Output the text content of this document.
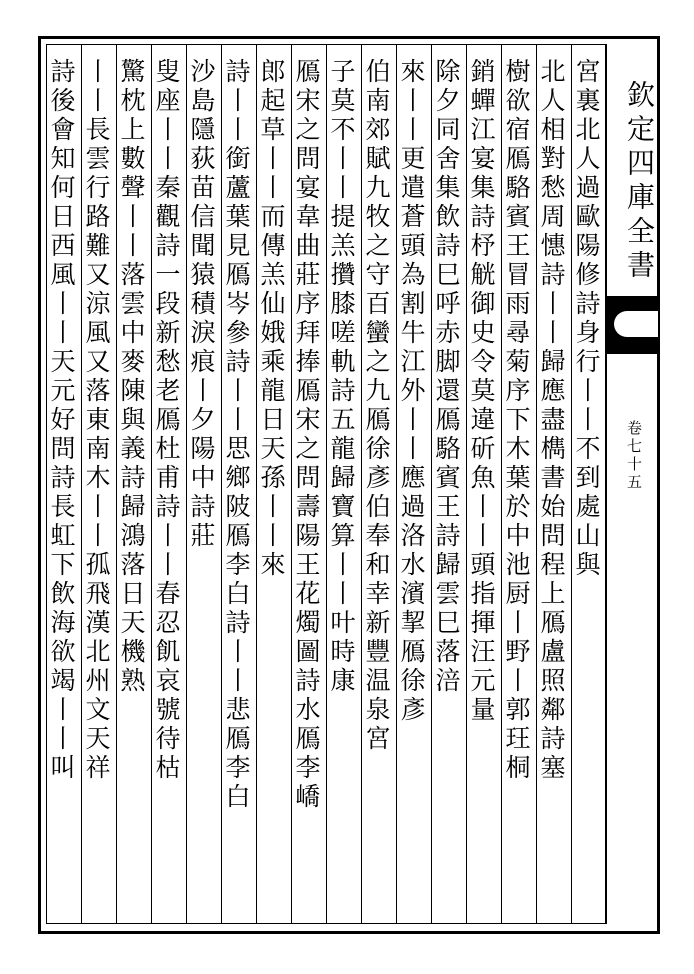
欽定四庫全書
卷七十五
宮裏北人過歐陽修詩身行丨丨不到處山與
北人相對愁周憓詩丨丨歸應盡檇書始問程上鴈盧照鄰詩塞
樹欲宿鴈駱賓王冒雨尋菊序下木葉於中池厨丨野丨郭玨桐
銷蟬江宴集詩杼觥御史令莫違斫魚丨丨頭指揮汪元量
除夕同舍集飲詩巳呼赤脚還鴈駱賓王詩歸雲巳落涪
來丨丨更遣蒼頭為割牛江外丨丨應過洛水濱挈鴈徐彥
伯南郊賦九牧之守百蠻之九鴈徐彥伯奉和幸新豐温泉宮
子莫不丨丨提羔攢膝嗟軌詩五龍歸寶算丨丨叶時康
鴈宋之問宴韋曲莊序拜捧鴈宋之問壽陽王花燭圖詩水鴈李嶠
郎起草丨丨而傳羔仙娥乘龍日天孫丨丨來
詩丨丨銜蘆葉見鴈岑參詩丨丨思鄉陂鴈李白詩丨丨悲鴈李白
沙島隱荻苗信聞猿積淚痕丨夕陽中詩莊
叟座丨丨秦觀詩一段新愁老鴈杜甫詩丨丨春忍飢哀號待枯
驚枕上數聲丨丨落雲中麥陳與義詩歸鴻落日天機熟
丨丨長雲行路難又涼風又落東南木丨丨孤飛漢北州文天祥
詩後會知何日西風丨丨天元好問詩長虹下飲海欲竭丨丨叫
